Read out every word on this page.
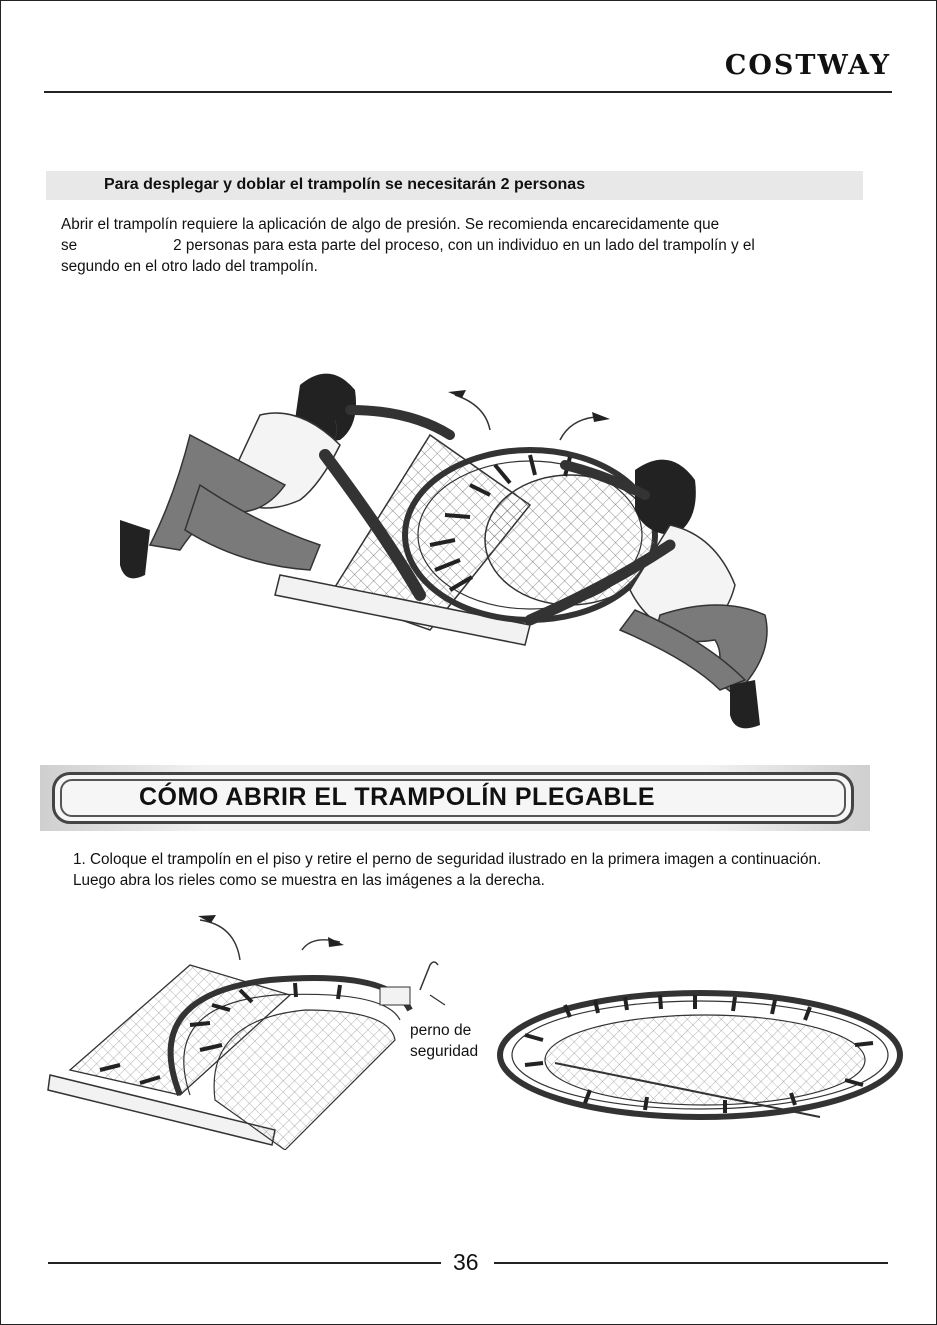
COSTWAY
Para desplegar y doblar el trampolín se necesitarán 2 personas

Abrir el trampolín requiere la aplicación de algo de presión. Se recomienda encarecidamente que

se	2 personas para esta parte del proceso, con un individuo en un lado del trampolín y el

segundo en el otro lado del trampolín.

CÓMO ABRIR EL TRAMPOLÍN PLEGABLE

1. Coloque el trampolín en el piso y retire el perno de seguridad ilustrado en la primera imagen a continuación. Luego abra los rieles como se muestra en las imágenes a la derecha.

perno de
seguridad
36
